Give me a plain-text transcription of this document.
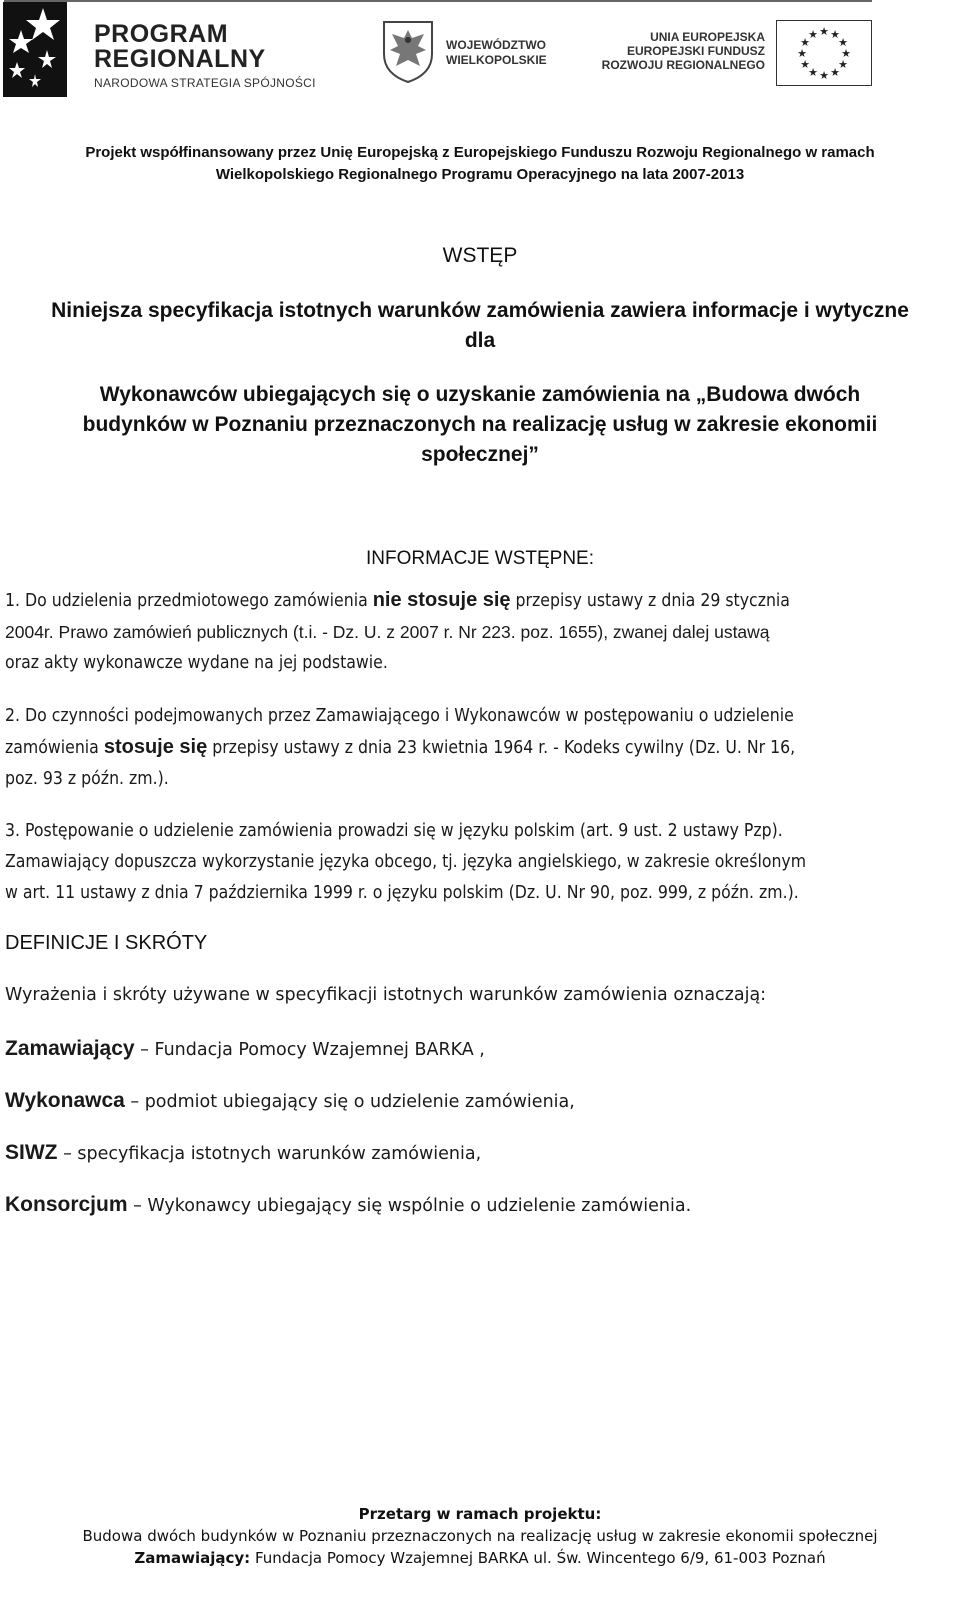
PROGRAM
REGIONALNY
NARODOWA STRATEGIA SPÓJNOŚCI
WOJEWÓDZTWO
WIELKOPOLSKIE
UNIA EUROPEJSKA
EUROPEJSKI FUNDUSZ
ROZWOJU REGIONALNEGO
★ ★
★
★
★
★
★
★
★
★
★
★
Projekt współfinansowany przez Unię Europejską z Europejskiego Funduszu Rozwoju Regionalnego w ramach
Wielkopolskiego Regionalnego Programu Operacyjnego na lata 2007-2013
WSTĘP
Niniejsza specyfikacja istotnych warunków zamówienia zawiera informacje i wytyczne
dla
Wykonawców ubiegających się o uzyskanie zamówienia na „Budowa dwóch
budynków w Poznaniu przeznaczonych na realizację usług w zakresie ekonomii
społecznej”
INFORMACJE WSTĘPNE:
1. Do udzielenia przedmiotowego zamówienia nie stosuje się przepisy ustawy z dnia 29 stycznia
2004r. Prawo zamówień publicznych (t.i. - Dz. U. z 2007 r. Nr 223. poz. 1655), zwanej dalej ustawą
oraz akty wykonawcze wydane na jej podstawie.
2. Do czynności podejmowanych przez Zamawiającego i Wykonawców w postępowaniu o udzielenie
zamówienia stosuje się przepisy ustawy z dnia 23 kwietnia 1964 r. - Kodeks cywilny (Dz. U. Nr 16,
poz. 93 z późn. zm.).
3. Postępowanie o udzielenie zamówienia prowadzi się w języku polskim (art. 9 ust. 2 ustawy Pzp).
Zamawiający dopuszcza wykorzystanie języka obcego, tj. języka angielskiego, w zakresie określonym
w art. 11 ustawy z dnia 7 października 1999 r. o języku polskim (Dz. U. Nr 90, poz. 999, z późn. zm.).
DEFINICJE I SKRÓTY
Wyrażenia i skróty używane w specyfikacji istotnych warunków zamówienia oznaczają:
Zamawiający – Fundacja Pomocy Wzajemnej BARKA ,
Wykonawca – podmiot ubiegający się o udzielenie zamówienia,
SIWZ – specyfikacja istotnych warunków zamówienia,
Konsorcjum – Wykonawcy ubiegający się wspólnie o udzielenie zamówienia.
Przetarg w ramach projektu:
Budowa dwóch budynków w Poznaniu przeznaczonych na realizację usług w zakresie ekonomii społecznej
Zamawiający: Fundacja Pomocy Wzajemnej BARKA ul. Św. Wincentego 6/9, 61-003 Poznań
